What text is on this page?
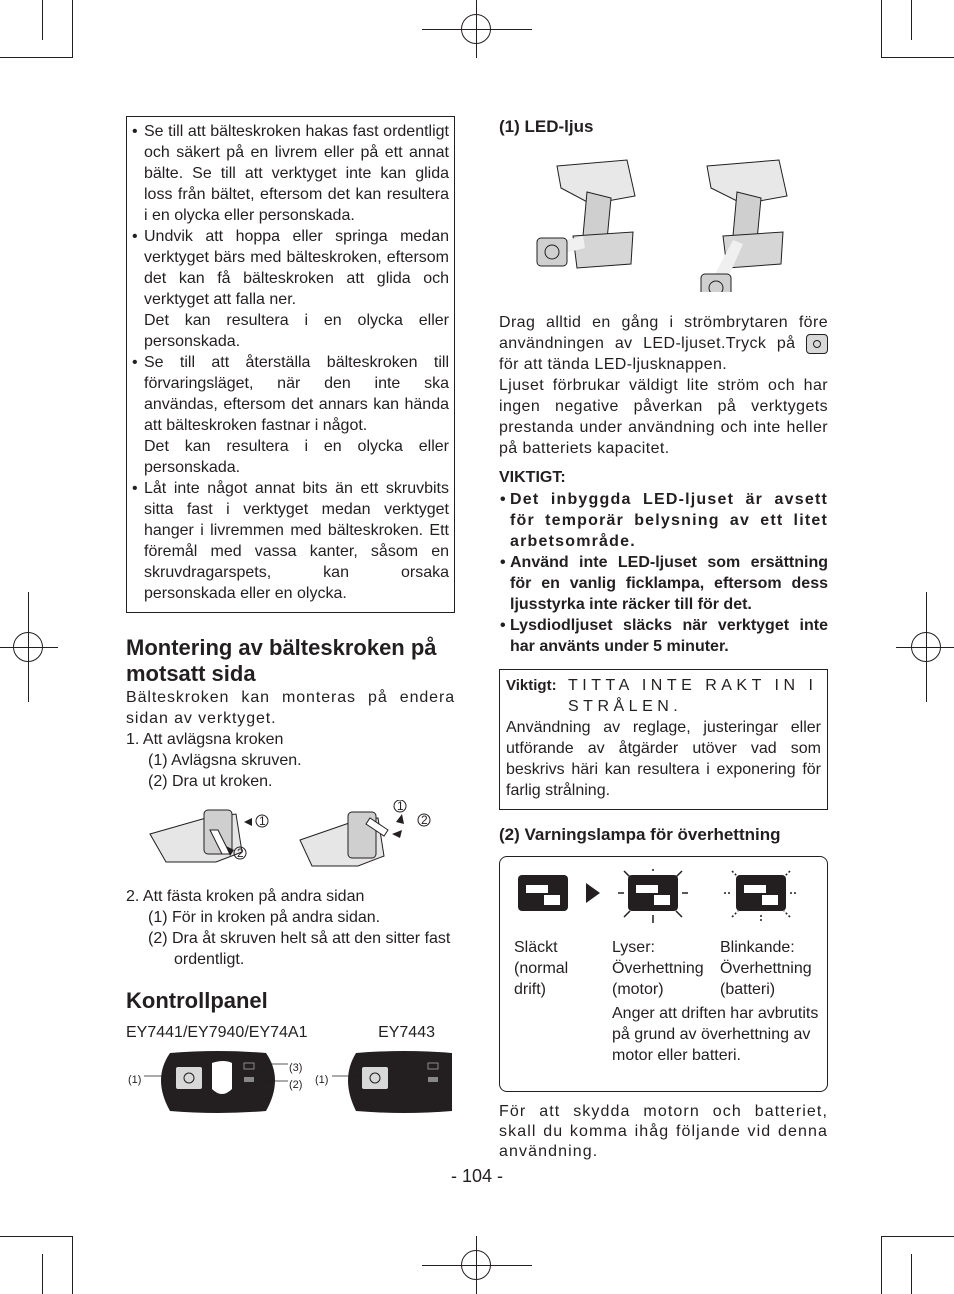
• Se till att bälteskroken hakas fast ordentligt och säkert på en livrem eller på ett annat bälte. Se till att verktyget inte kan glida loss från bältet, eftersom det kan resultera i en olycka eller personskada.
• Undvik att hoppa eller springa medan verktyget bärs med bälteskroken, eftersom det kan få bälteskroken att glida och verktyget att falla ner.
Det kan resultera i en olycka eller personskada.
• Se till att återställa bälteskroken till förvaringsläget, när den inte ska användas, eftersom det annars kan hända att bälteskroken fastnar i något.
Det kan resultera i en olycka eller personskada.
• Låt inte något annat bits än ett skruvbits sitta fast i verktyget medan verktyget hanger i livremmen med bälteskroken. Ett föremål med vassa kanter, såsom en skruvdragarspets, kan orsaka personskada eller en olycka.
Montering av bälteskroken på motsatt sida

Bälteskroken kan monteras på endera sidan av verktyget.

1. Att avlägsna kroken

(1) Avlägsna skruven.

(2) Dra ut kroken.

1
2
1
2

2. Att fästa kroken på andra sidan

(1) För in kroken på andra sidan.

(2) Dra åt skruven helt så att den sitter fast ordentligt.

Kontrollpanel
EY7441/EY7940/EY74A1	EY7443
(1)
(3)
(2) (1)
(1) LED-ljus

Drag alltid en gång i strömbrytaren före användningen av LED-ljuset.Tryck på
för att tända LED-ljusknappen.

Ljuset förbrukar väldigt lite ström och har ingen negative påverkan på verktygets prestanda under användning och inte heller på batteriets kapacitet.

VIKTIGT:
• Det inbyggda LED-ljuset är avsett för temporär belysning av ett litet arbetsområde.
• Använd inte LED-ljuset som ersättning för en vanlig ficklampa, eftersom dess ljusstyrka inte räcker till för det.
• Lysdiodljuset släcks när verktyget inte har använts under 5 minuter.
Viktigt: TITTA INTE RAKT IN I STRÅLEN.

Användning av reglage, justeringar eller utförande av åtgärder utöver vad som beskrivs häri kan resultera i exponering för farlig strålning.

(2) Varningslampa för överhettning
Släckt
(normal
drift)
Lyser:
Överhettning
(motor)
Blinkande:
Överhettning
(batteri)

Anger att driften har avbrutits på grund av överhettning av motor eller batteri.

För att skydda motorn och batteriet, skall du komma ihåg följande vid denna användning.

- 104 -
